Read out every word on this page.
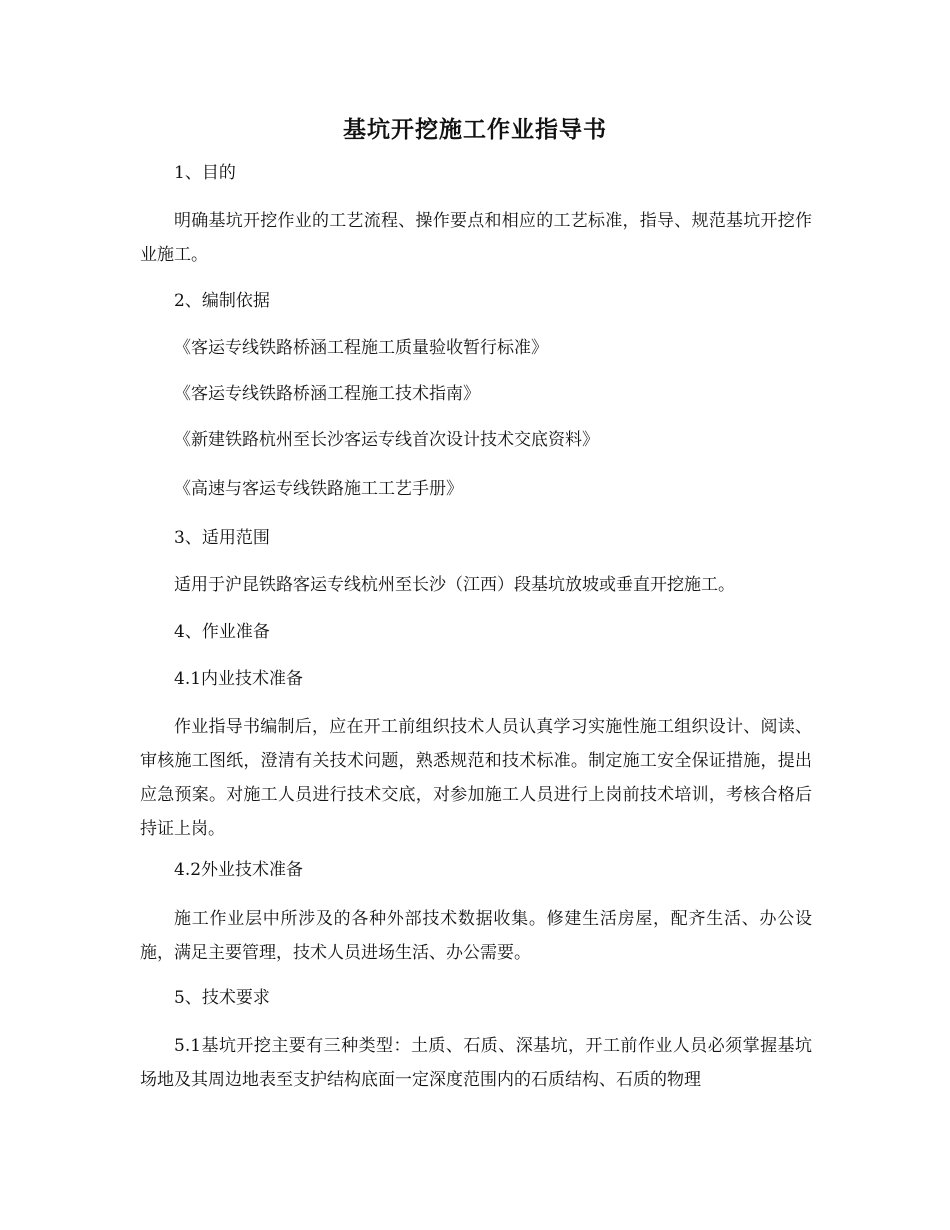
基坑开挖施工作业指导书
1、目的
明确基坑开挖作业的工艺流程、操作要点和相应的工艺标准，指导、规范基坑开挖作业施工。
2、编制依据
《客运专线铁路桥涵工程施工质量验收暂行标准》
《客运专线铁路桥涵工程施工技术指南》
《新建铁路杭州至长沙客运专线首次设计技术交底资料》
《高速与客运专线铁路施工工艺手册》
3、适用范围
适用于沪昆铁路客运专线杭州至长沙（江西）段基坑放坡或垂直开挖施工。
4、作业准备
4.1内业技术准备
作业指导书编制后，应在开工前组织技术人员认真学习实施性施工组织设计、阅读、审核施工图纸，澄清有关技术问题，熟悉规范和技术标准。制定施工安全保证措施，提出应急预案。对施工人员进行技术交底，对参加施工人员进行上岗前技术培训，考核合格后持证上岗。
4.2外业技术准备
施工作业层中所涉及的各种外部技术数据收集。修建生活房屋，配齐生活、办公设施，满足主要管理，技术人员进场生活、办公需要。
5、技术要求
5.1基坑开挖主要有三种类型：土质、石质、深基坑，开工前作业人员必须掌握基坑场地及其周边地表至支护结构底面一定深度范围内的石质结构、石质的物理
